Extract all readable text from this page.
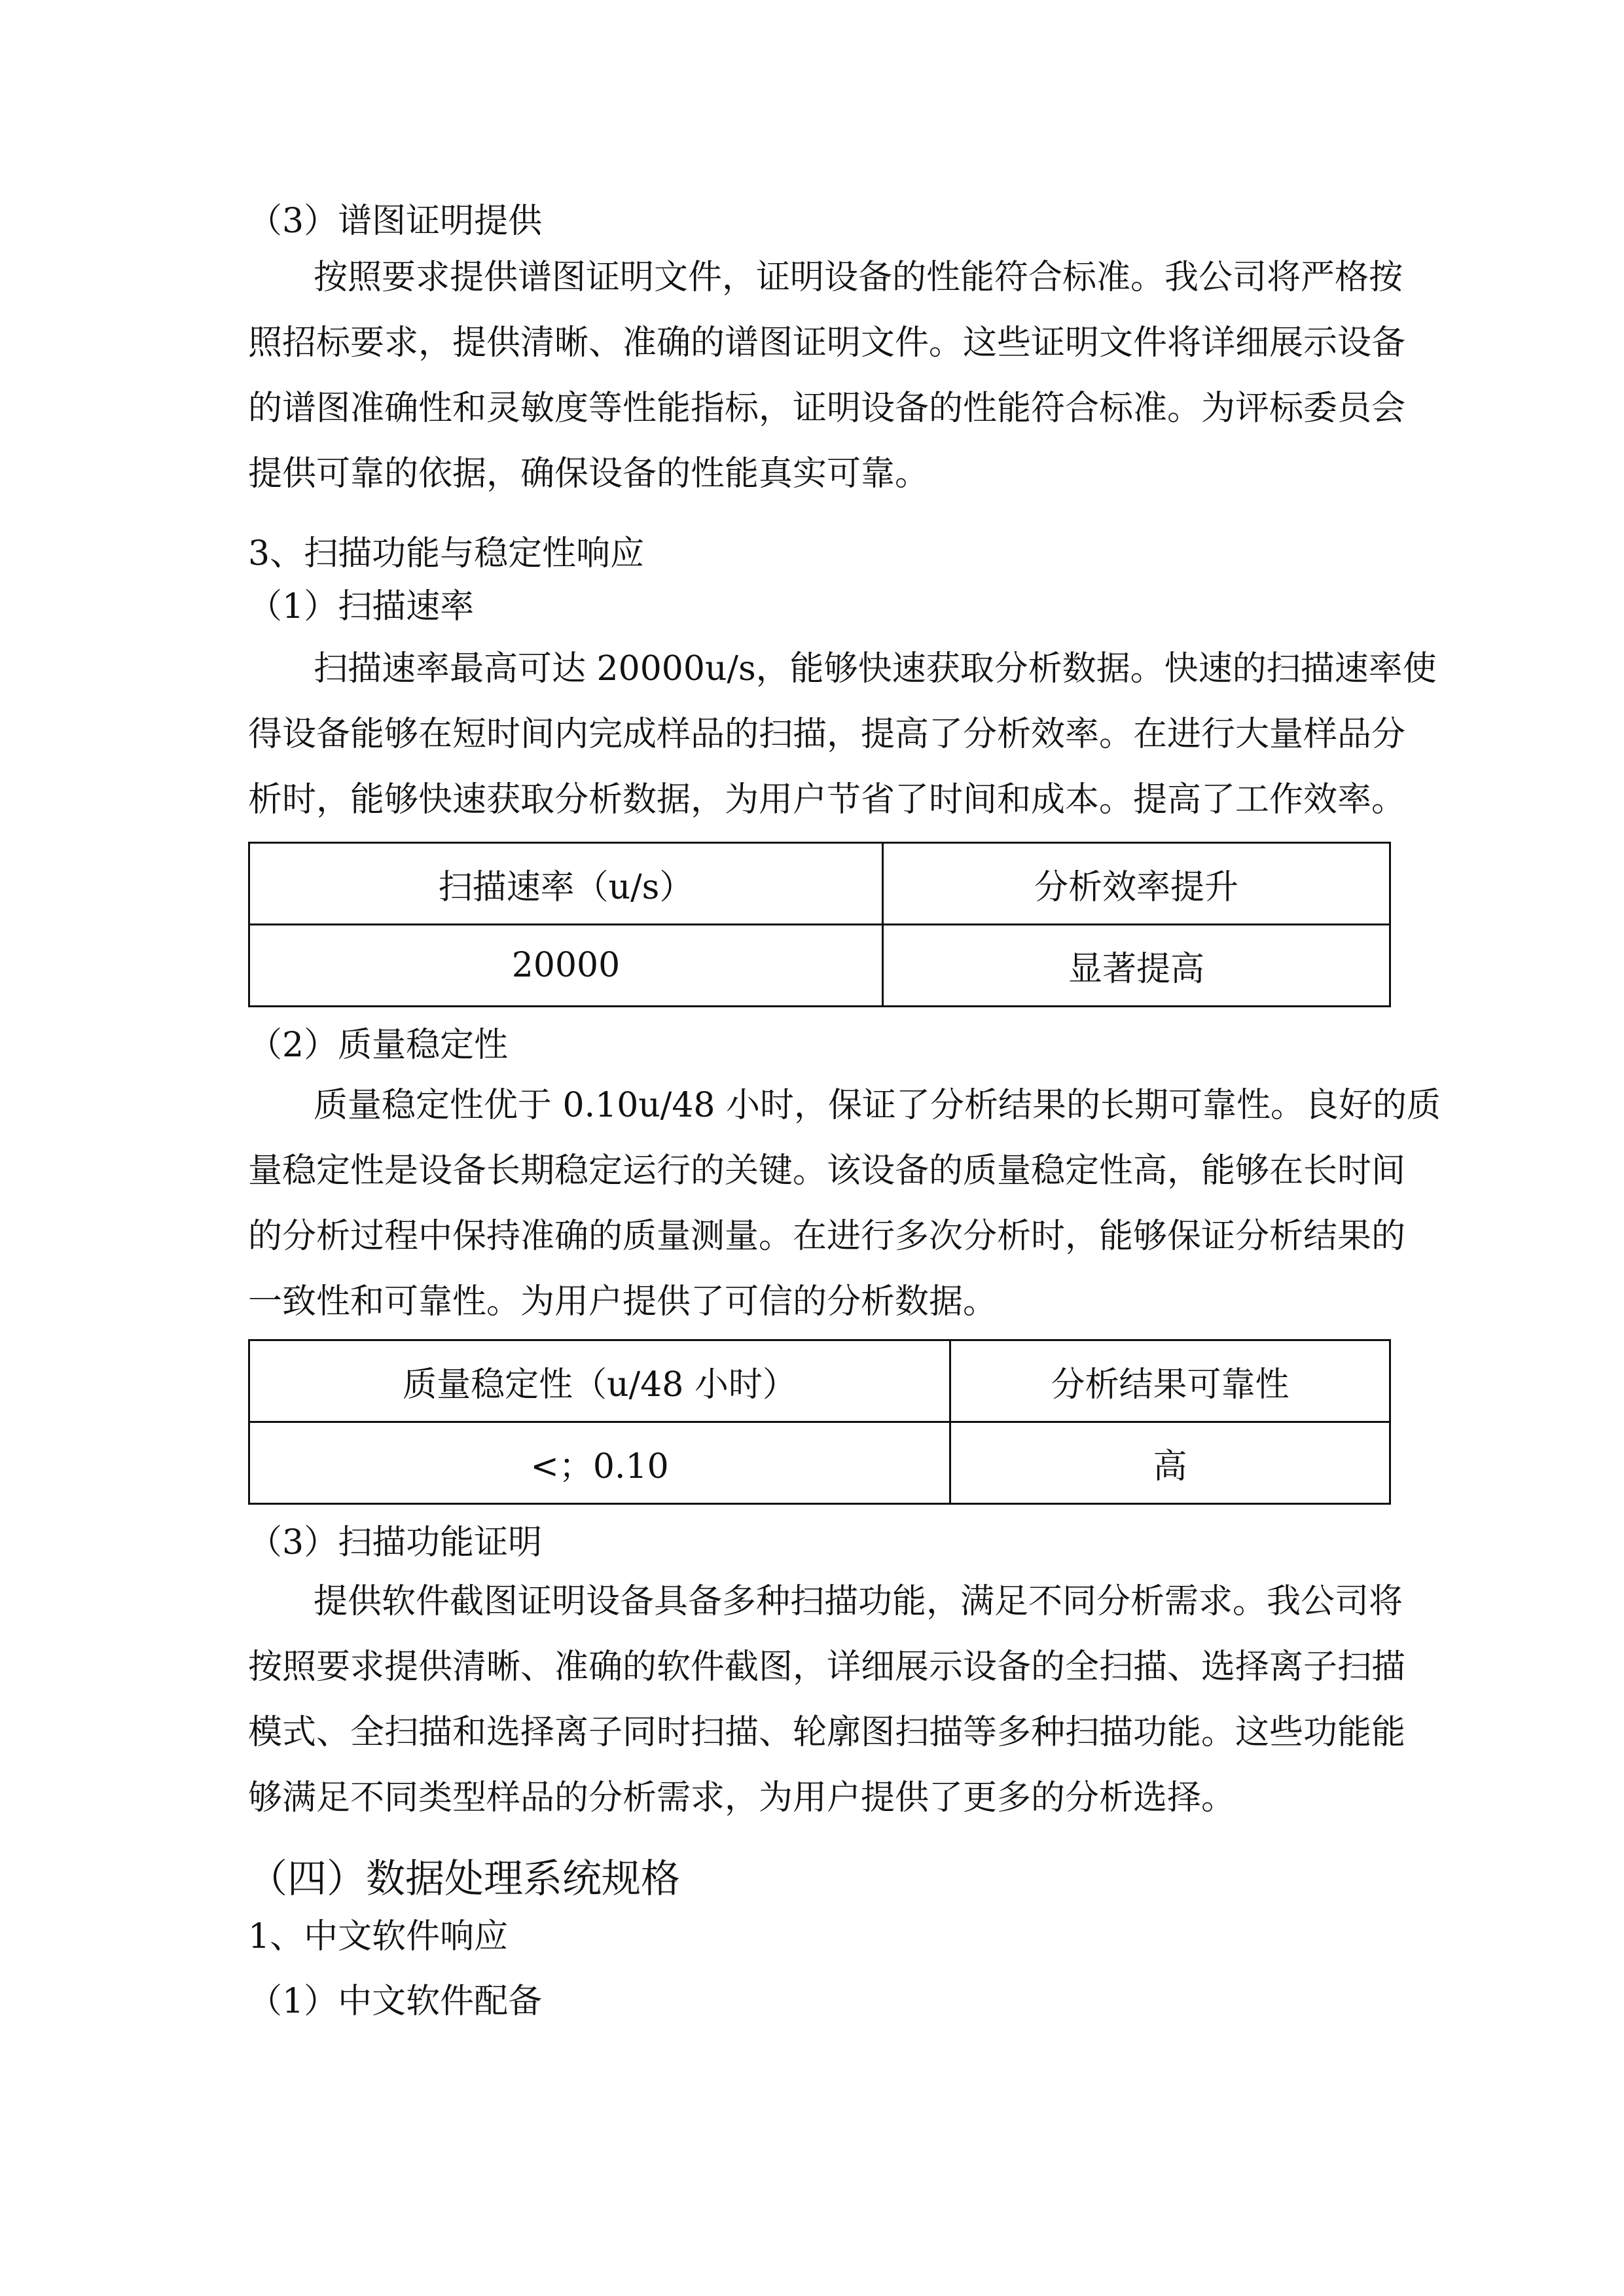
（3）谱图证明提供
按照要求提供谱图证明文件，证明设备的性能符合标准。我公司将严格按
照招标要求，提供清晰、准确的谱图证明文件。这些证明文件将详细展示设备
的谱图准确性和灵敏度等性能指标，证明设备的性能符合标准。为评标委员会
提供可靠的依据，确保设备的性能真实可靠。
3、扫描功能与稳定性响应
（1）扫描速率
扫描速率最高可达 20000u/s，能够快速获取分析数据。快速的扫描速率使
得设备能够在短时间内完成样品的扫描，提高了分析效率。在进行大量样品分
析时，能够快速获取分析数据，为用户节省了时间和成本。提高了工作效率。
扫描速率（u/s）	分析效率提升
20000	显著提高
（2）质量稳定性
质量稳定性优于 0.10u/48 小时，保证了分析结果的长期可靠性。良好的质
量稳定性是设备长期稳定运行的关键。该设备的质量稳定性高，能够在长时间
的分析过程中保持准确的质量测量。在进行多次分析时，能够保证分析结果的
一致性和可靠性。为用户提供了可信的分析数据。
质量稳定性（u/48 小时）	分析结果可靠性
<；0.10	高
（3）扫描功能证明
提供软件截图证明设备具备多种扫描功能，满足不同分析需求。我公司将
按照要求提供清晰、准确的软件截图，详细展示设备的全扫描、选择离子扫描
模式、全扫描和选择离子同时扫描、轮廓图扫描等多种扫描功能。这些功能能
够满足不同类型样品的分析需求，为用户提供了更多的分析选择。
（四）数据处理系统规格
1、中文软件响应
（1）中文软件配备
